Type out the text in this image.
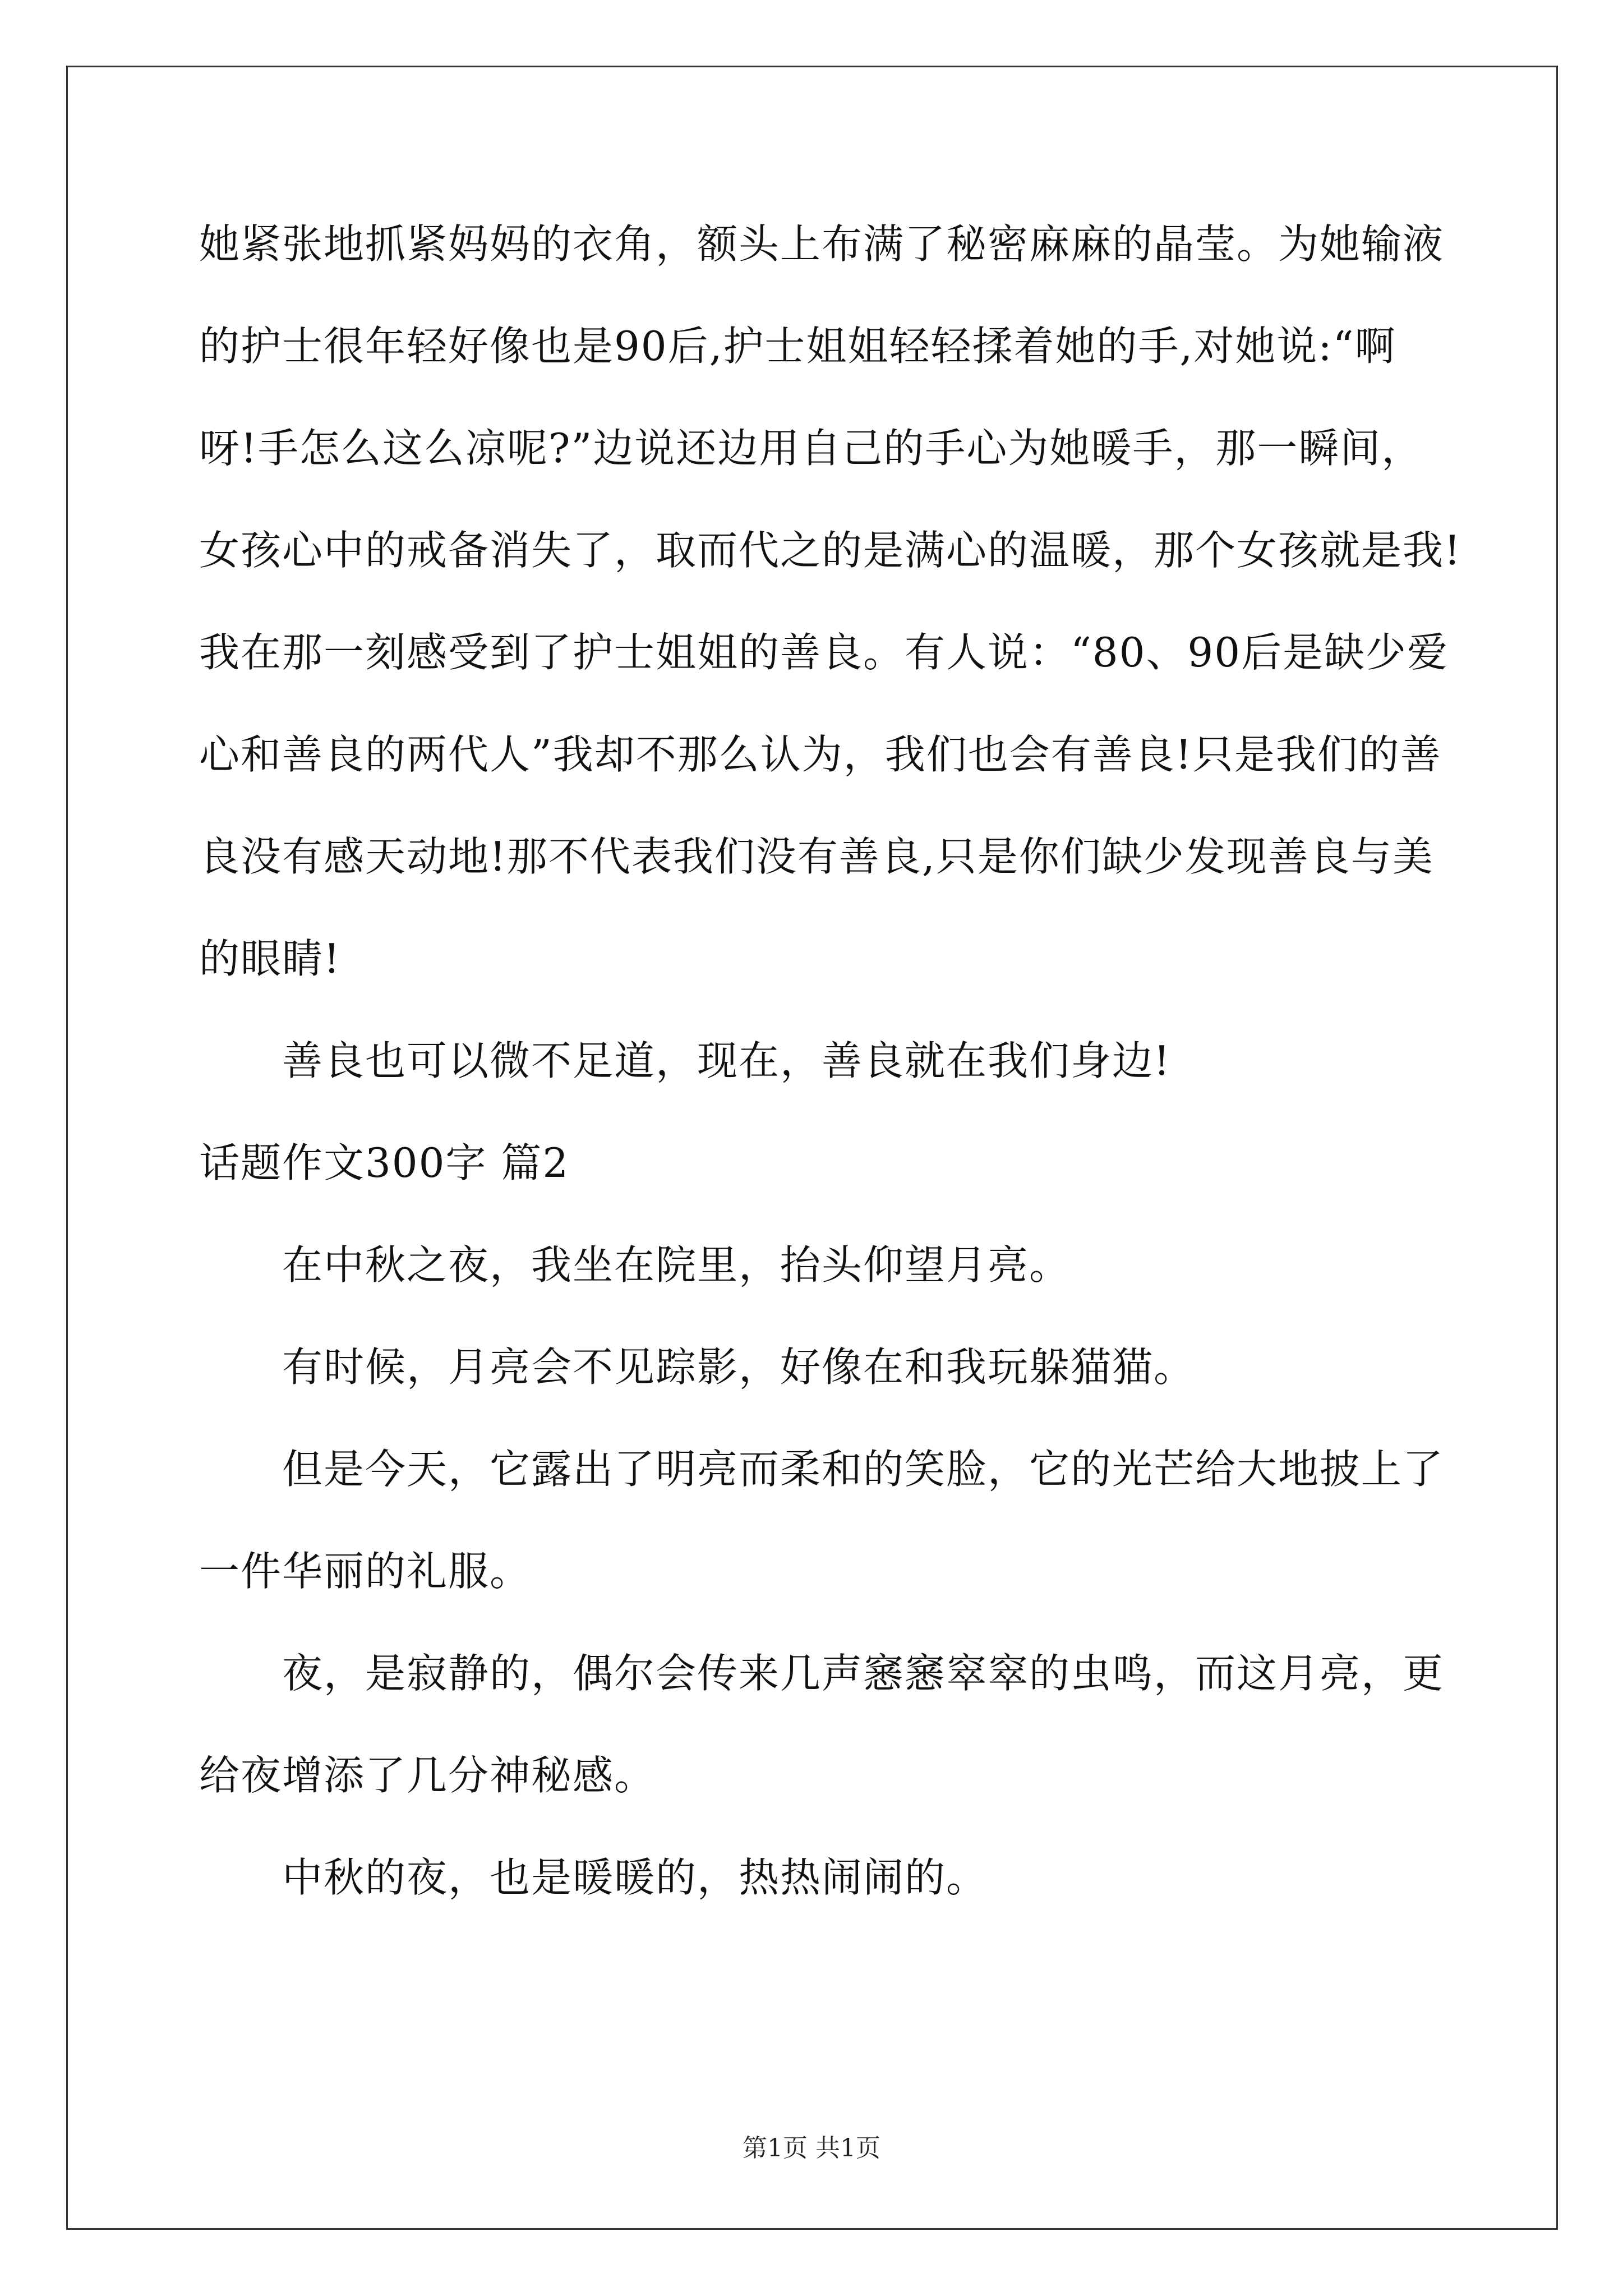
她紧张地抓紧妈妈的衣角，额头上布满了秘密麻麻的晶莹。为她输液
的护士很年轻好像也是90后,护士姐姐轻轻揉着她的手,对她说:“啊
呀!手怎么这么凉呢?”边说还边用自己的手心为她暖手，那一瞬间，
女孩心中的戒备消失了，取而代之的是满心的温暖，那个女孩就是我!
我在那一刻感受到了护士姐姐的善良。有人说：“80、90后是缺少爱
心和善良的两代人”我却不那么认为，我们也会有善良!只是我们的善
良没有感天动地!那不代表我们没有善良,只是你们缺少发现善良与美
的眼睛!
善良也可以微不足道，现在，善良就在我们身边!
话题作文300字 篇2
在中秋之夜，我坐在院里，抬头仰望月亮。
有时候，月亮会不见踪影，好像在和我玩躲猫猫。
但是今天，它露出了明亮而柔和的笑脸，它的光芒给大地披上了
一件华丽的礼服。
夜，是寂静的，偶尔会传来几声窸窸窣窣的虫鸣，而这月亮，更
给夜增添了几分神秘感。
中秋的夜，也是暖暖的，热热闹闹的。
第1页 共1页
